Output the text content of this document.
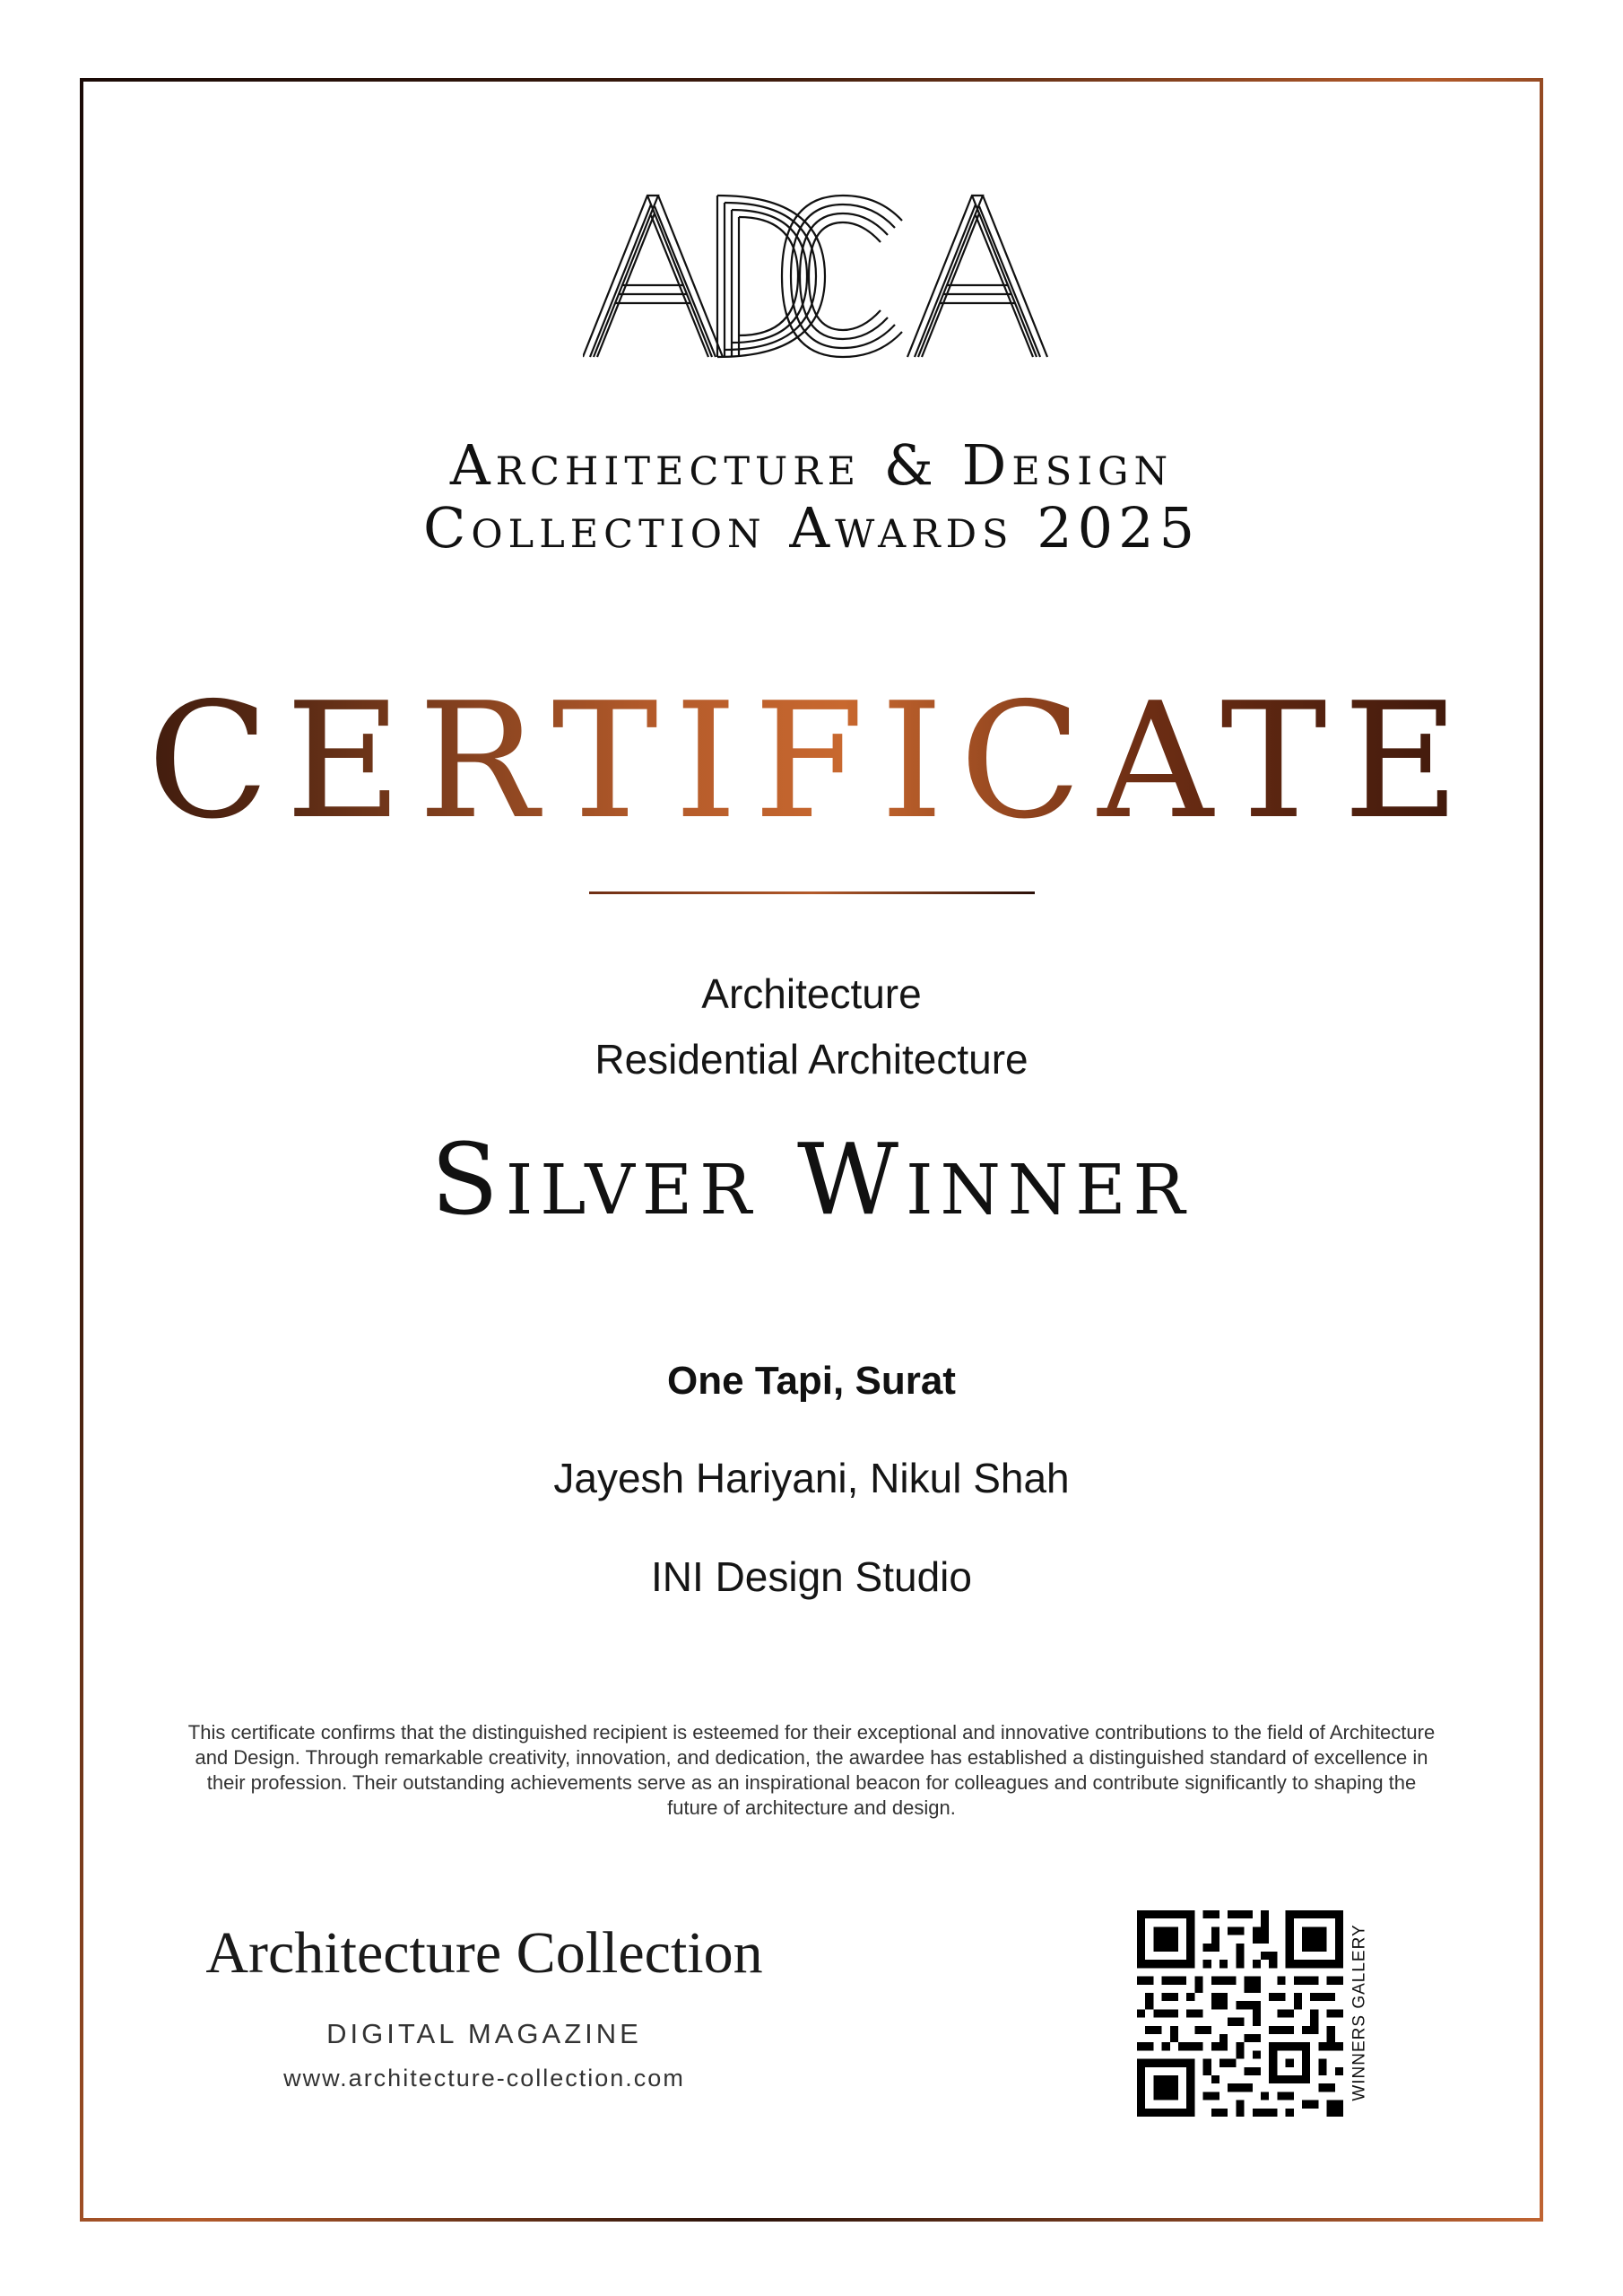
Architecture & Design
Collection Awards 2025
CERTIFICATE
Architecture
Residential Architecture
Silver Winner
One Tapi, Surat
Jayesh Hariyani, Nikul Shah
INI Design Studio
This certificate confirms that the distinguished recipient is esteemed for their exceptional and innovative contributions to the field of Architecture and Design. Through remarkable creativity, innovation, and dedication, the awardee has established a distinguished standard of excellence in their profession. Their outstanding achievements serve as an inspirational beacon for colleagues and contribute significantly to shaping the future of architecture and design.
Architecture Collection
DIGITAL MAGAZINE
www.architecture-collection.com	WINNERS GALLERY
